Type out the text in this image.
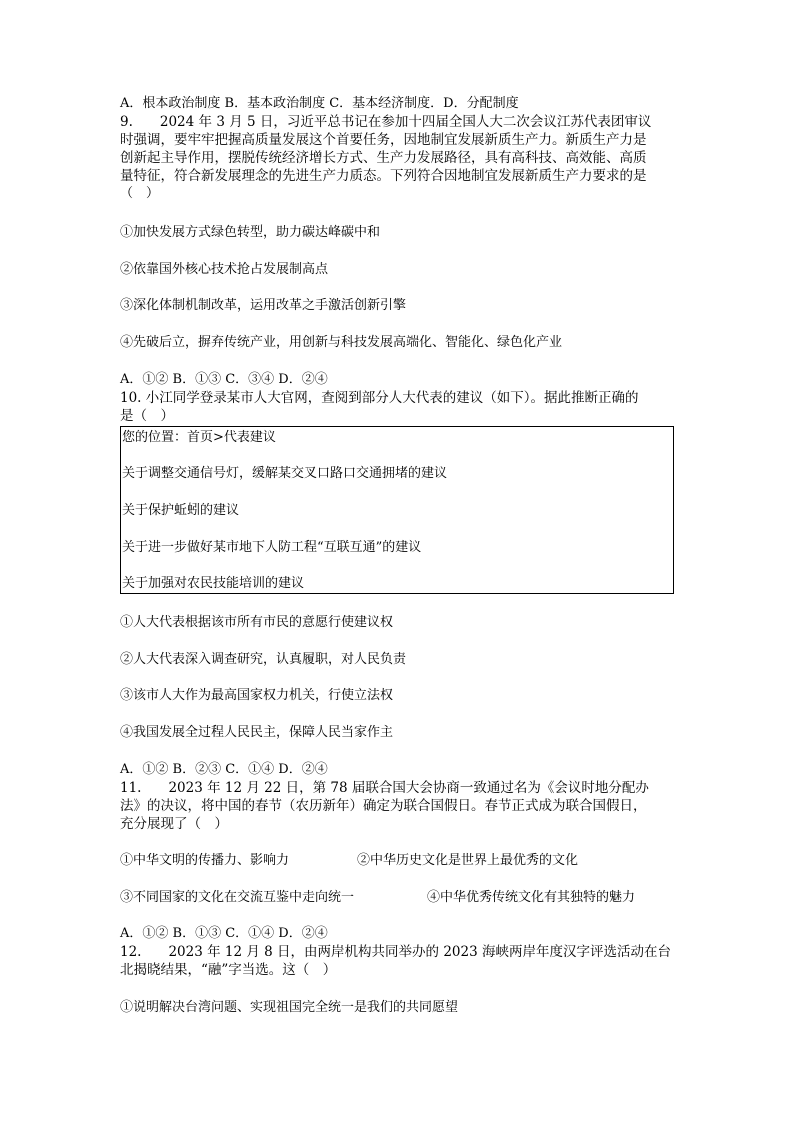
A．根本政治制度 B．基本政治制度 C．基本经济制度．D．分配制度
9.　　2024 年 3 月 5 日，习近平总书记在参加十四届全国人大二次会议江苏代表团审议
时强调，要牢牢把握高质量发展这个首要任务，因地制宜发展新质生产力。新质生产力是
创新起主导作用，摆脱传统经济增长方式、生产力发展路径，具有高科技、高效能、高质
量特征，符合新发展理念的先进生产力质态。下列符合因地制宜发展新质生产力要求的是
（　）
①加快发展方式绿色转型，助力碳达峰碳中和
②依靠国外核心技术抢占发展制高点
③深化体制机制改革，运用改革之手激活创新引擎
④先破后立，摒弃传统产业，用创新与科技发展高端化、智能化、绿色化产业
A．①② B．①③ C．③④ D．②④
10. 小江同学登录某市人大官网，查阅到部分人大代表的建议（如下）。据此推断正确的
是（　）
您的位置：首页>代表建议
关于调整交通信号灯，缓解某交叉口路口交通拥堵的建议
关于保护蚯蚓的建议
关于进一步做好某市地下人防工程“互联互通”的建议
关于加强对农民技能培训的建议
①人大代表根据该市所有市民的意愿行使建议权
②人大代表深入调查研究，认真履职，对人民负责
③该市人大作为最高国家权力机关，行使立法权
④我国发展全过程人民民主，保障人民当家作主
A．①② B．②③ C．①④ D．②④
11.　　2023 年 12 月 22 日，第 78 届联合国大会协商一致通过名为《会议时地分配办
法》的决议，将中国的春节（农历新年）确定为联合国假日。春节正式成为联合国假日，
充分展现了（　）
①中华文明的传播力、影响力	②中华历史文化是世界上最优秀的文化
③不同国家的文化在交流互鉴中走向统一	④中华优秀传统文化有其独特的魅力
A．①② B．①③ C．①④ D．②④
12.　　2023 年 12 月 8 日，由两岸机构共同举办的 2023 海峡两岸年度汉字评选活动在台
北揭晓结果，“融”字当选。这（　）
①说明解决台湾问题、实现祖国完全统一是我们的共同愿望
